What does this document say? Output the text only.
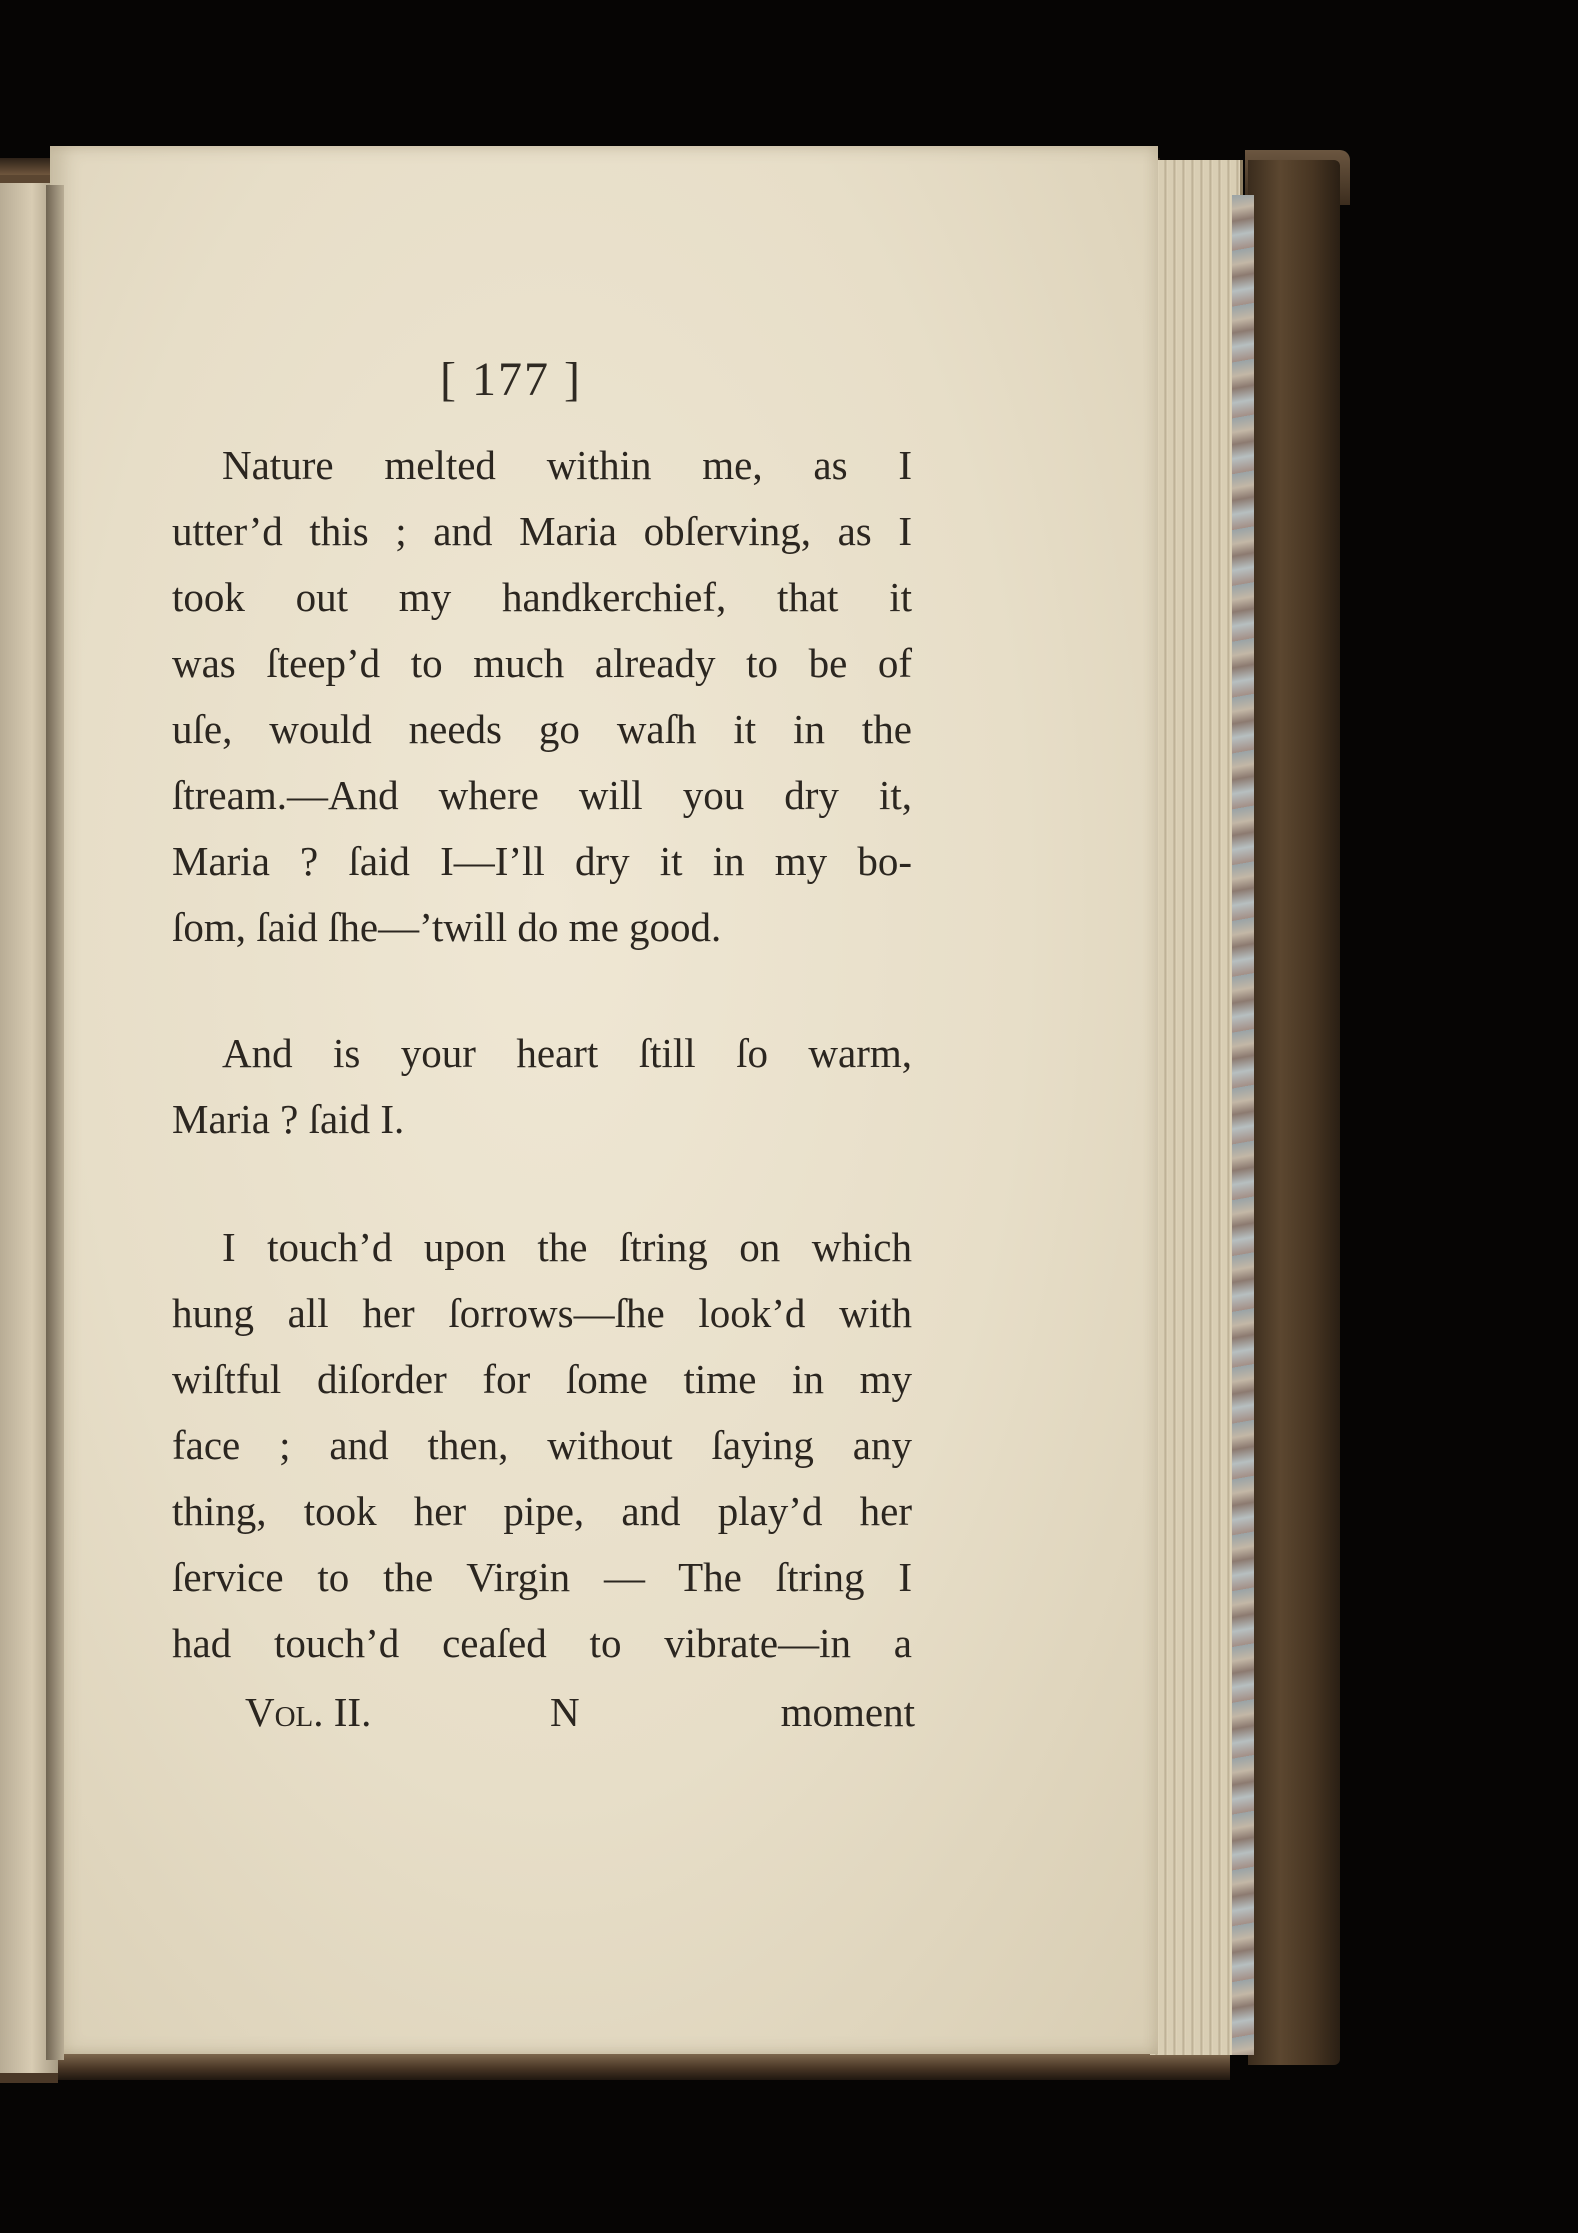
[ 177 ]
Nature melted within me, as I
utter’d this ; and Maria obſerving, as I
took out my handkerchief, that it
was ſteep’d to much already to be of
uſe, would needs go waſh it in the
ſtream.—And where will you dry it,
Maria ? ſaid I—I’ll dry it in my bo-
ſom, ſaid ſhe—’twill do me good.
And is your heart ſtill ſo warm,
Maria ? ſaid I.
I touch’d upon the ſtring on which
hung all her ſorrows—ſhe look’d with
wiſtful diſorder for ſome time in my
face ; and then, without ſaying any
thing, took her pipe, and play’d her
ſervice to the Virgin — The ſtring I
had touch’d ceaſed to vibrate—in a
Vol. II.	N	moment
